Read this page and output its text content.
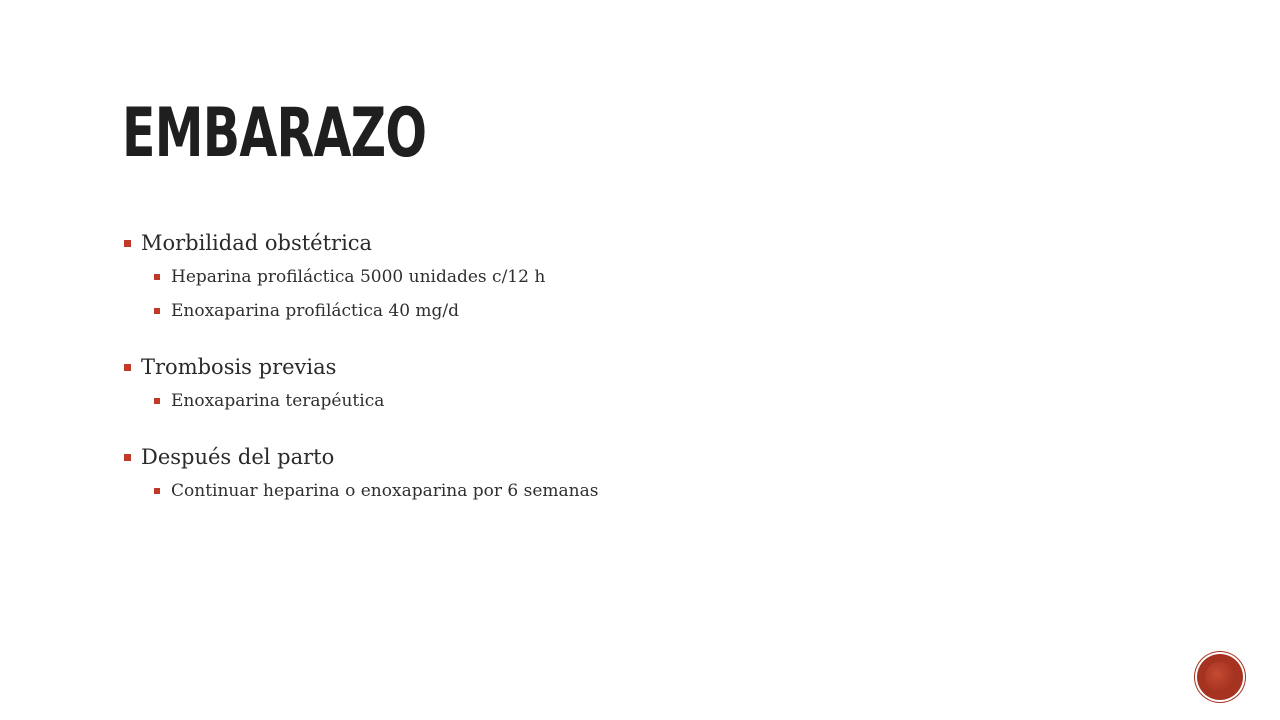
EMBARAZO
Morbilidad obstétrica
Heparina profiláctica 5000 unidades c/12 h
Enoxaparina profiláctica 40 mg/d
Trombosis previas
Enoxaparina terapéutica
Después del parto
Continuar heparina o enoxaparina por 6 semanas
